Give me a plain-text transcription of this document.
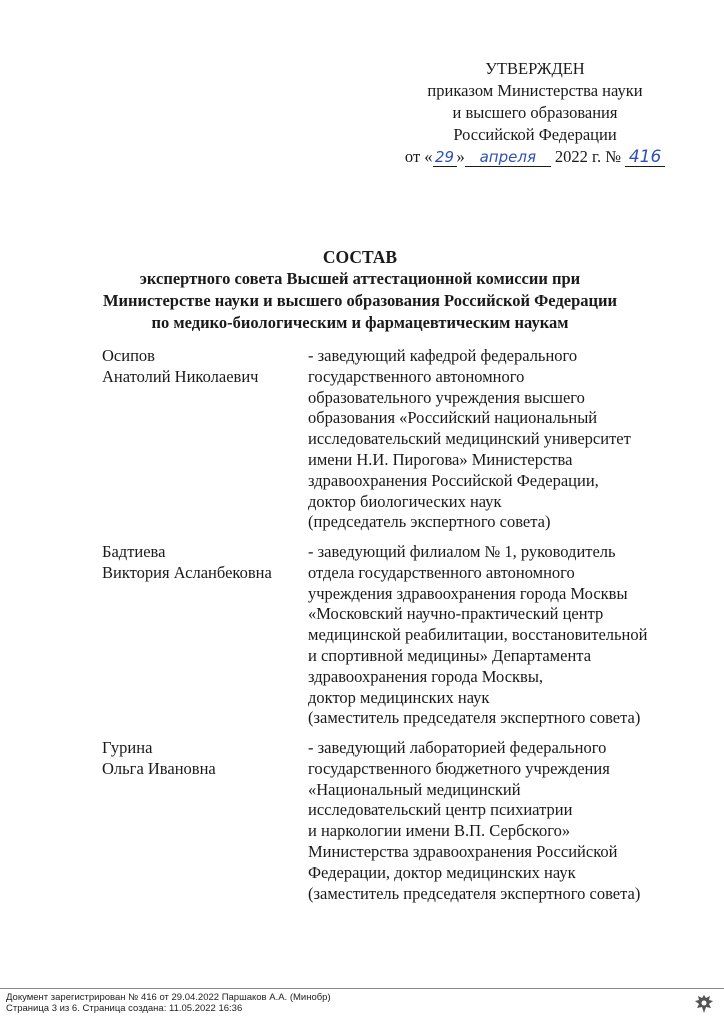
УТВЕРЖДЕН
приказом Министерства науки
и высшего образования
Российской Федерации
от « 29 » апреля 2022 г. № 416
СОСТАВ
экспертного совета Высшей аттестационной комиссии при
Министерстве науки и высшего образования Российской Федерации
по медико-биологическим и фармацевтическим наукам
Осипов
Анатолий Николаевич
- заведующий кафедрой федерального
государственного автономного
образовательного учреждения высшего
образования «Российский национальный
исследовательский медицинский университет
имени Н.И. Пирогова» Министерства
здравоохранения Российской Федерации,
доктор биологических наук
(председатель экспертного совета)
Бадтиева
Виктория Асланбековна
- заведующий филиалом № 1, руководитель
отдела государственного автономного
учреждения здравоохранения города Москвы
«Московский научно-практический центр
медицинской реабилитации, восстановительной
и спортивной медицины» Департамента
здравоохранения города Москвы,
доктор медицинских наук
(заместитель председателя экспертного совета)
Гурина
Ольга Ивановна
- заведующий лабораторией федерального
государственного бюджетного учреждения
«Национальный медицинский
исследовательский центр психиатрии
и наркологии имени В.П. Сербского»
Министерства здравоохранения Российской
Федерации, доктор медицинских наук
(заместитель председателя экспертного совета)
Документ зарегистрирован № 416 от 29.04.2022 Паршаков А.А. (Минобр)
Страница 3 из 6. Страница создана: 11.05.2022 16:36
